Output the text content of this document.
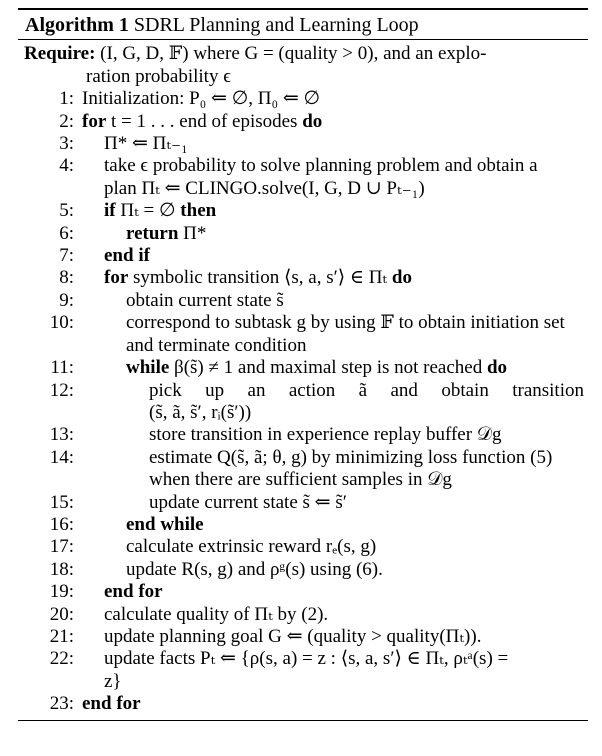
Algorithm 1 SDRL Planning and Learning Loop
Require: (I, G, D, 𝔽) where G = (quality > 0), and an explo-
ration probability ϵ
1: Initialization: P₀ ⇐ ∅, Π₀ ⇐ ∅
2: for t = 1 . . . end of episodes do
3: Π* ⇐ Πₜ₋₁
4: take ϵ probability to solve planning problem and obtain a
plan Πₜ ⇐ CLINGO.solve(I, G, D ∪ Pₜ₋₁)
5: if Πₜ = ∅ then
6:	return Π*
7: end if
8: for symbolic transition ⟨s, a, s′⟩ ∈ Πₜ do
9:	obtain current state s̃
10:	correspond to subtask g by using 𝔽 to obtain initiation set
and terminate condition
11:	while β(s̃) ≠ 1 and maximal step is not reached do
12:	pick up an action ã and obtain transition
(s̃, ã, s̃′, rᵢ(s̃′))
13:	store transition in experience replay buffer 𝒟g
14:	estimate Q(s̃, ã; θ, g) by minimizing loss function (5)
when there are sufficient samples in 𝒟g
15:	update current state s̃ ⇐ s̃′
16:	end while
17:	calculate extrinsic reward rₑ(s, g)
18:	update R(s, g) and ρᵍ(s) using (6).
19: end for
20: calculate quality of Πₜ by (2).
21: update planning goal G ⇐ (quality > quality(Πₜ)).
22: update facts Pₜ ⇐ {ρ(s, a) = z : ⟨s, a, s′⟩ ∈ Πₜ, ρₜᵃ(s) =
z}
23: end for
